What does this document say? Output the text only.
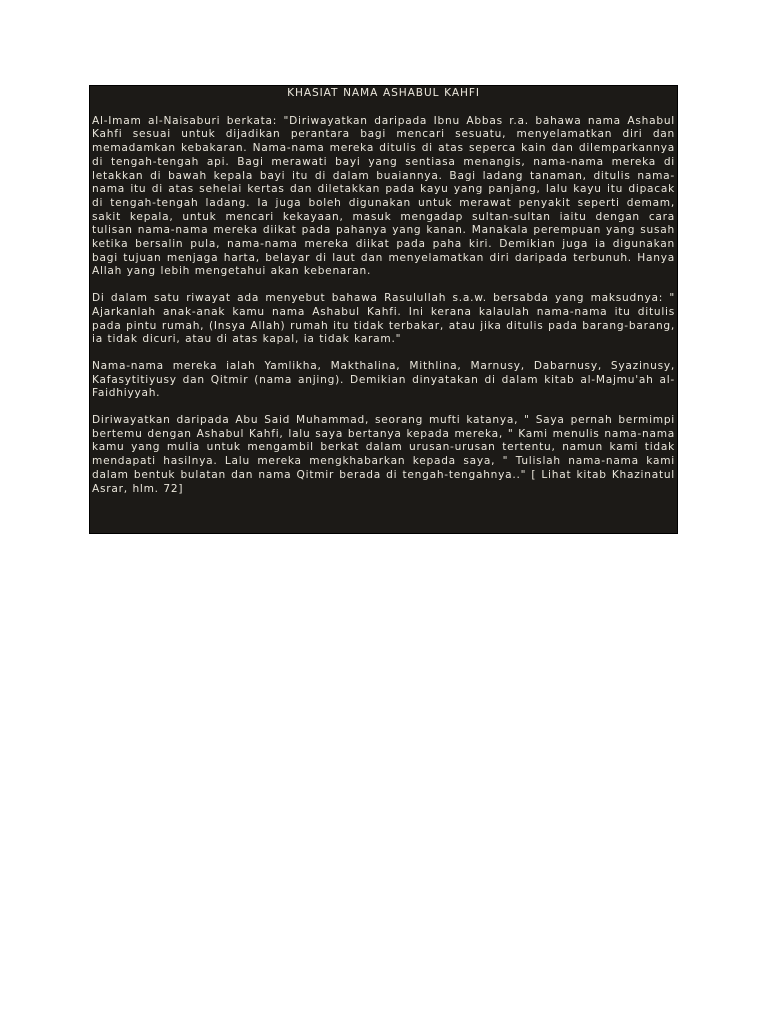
KHASIAT NAMA ASHABUL KAHFI

Al-Imam al-Naisaburi berkata: "Diriwayatkan daripada Ibnu Abbas r.a. bahawa nama Ashabul Kahfi sesuai untuk dijadikan perantara bagi mencari sesuatu, menyelamatkan diri dan memadamkan kebakaran. Nama-nama mereka ditulis di atas seperca kain dan dilemparkannya di tengah-tengah api. Bagi merawati bayi yang sentiasa menangis, nama-nama mereka di letakkan di bawah kepala bayi itu di dalam buaiannya. Bagi ladang tanaman, ditulis nama-nama itu di atas sehelai kertas dan diletakkan pada kayu yang panjang, lalu kayu itu dipacak di tengah-tengah ladang. Ia juga boleh digunakan untuk merawat penyakit seperti demam, sakit kepala, untuk mencari kekayaan, masuk mengadap sultan-sultan iaitu dengan cara tulisan nama-nama mereka diikat pada pahanya yang kanan. Manakala perempuan yang susah ketika bersalin pula, nama-nama mereka diikat pada paha kiri. Demikian juga ia digunakan bagi tujuan menjaga harta, belayar di laut dan menyelamatkan diri daripada terbunuh. Hanya Allah yang lebih mengetahui akan kebenaran.

Di dalam satu riwayat ada menyebut bahawa Rasulullah s.a.w. bersabda yang maksudnya: " Ajarkanlah anak-anak kamu nama Ashabul Kahfi. Ini kerana kalaulah nama-nama itu ditulis pada pintu rumah, (Insya Allah) rumah itu tidak terbakar, atau jika ditulis pada barang-barang, ia tidak dicuri, atau di atas kapal, ia tidak karam."

Nama-nama mereka ialah Yamlikha, Makthalina, Mithlina, Marnusy, Dabarnusy, Syazinusy, Kafasytitiyusy dan Qitmir (nama anjing). Demikian dinyatakan di dalam kitab al-Majmu'ah al-Faidhiyyah.

Diriwayatkan daripada Abu Said Muhammad, seorang mufti katanya, " Saya pernah bermimpi bertemu dengan Ashabul Kahfi, lalu saya bertanya kepada mereka, " Kami menulis nama-nama kamu yang mulia untuk mengambil berkat dalam urusan-urusan tertentu, namun kami tidak mendapati hasilnya. Lalu mereka mengkhabarkan kepada saya, " Tulislah nama-nama kami dalam bentuk bulatan dan nama Qitmir berada di tengah-tengahnya.." [ Lihat kitab Khazinatul Asrar, hlm. 72]
